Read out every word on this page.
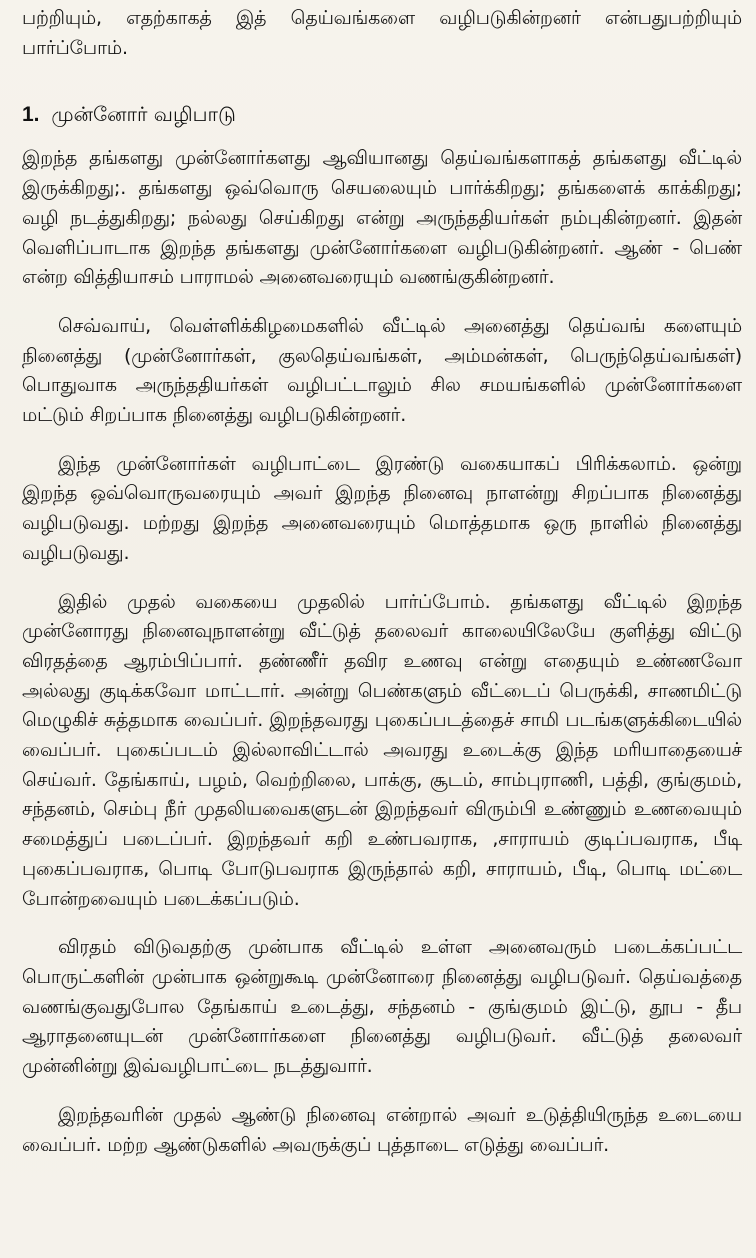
பற்றியும், எதற்காகத் இத் தெய்வங்களை வழிபடுகின்றனர் என்பதுபற்றியும் பார்ப்போம்.

1. முன்னோர் வழிபாடு

இறந்த தங்களது முன்னோர்களது ஆவியானது தெய்வங்களாகத் தங்களது வீட்டில் இருக்கிறது;. தங்களது ஒவ்வொரு செயலையும் பார்க்கிறது; தங்களைக் காக்கிறது; வழி நடத்துகிறது; நல்லது செய்கிறது என்று அருந்ததியர்கள் நம்புகின்றனர். இதன் வெளிப்பாடாக இறந்த தங்களது முன்னோர்களை வழிபடுகின்றனர். ஆண் - பெண் என்ற வித்தியாசம் பாராமல் அனைவரையும் வணங்குகின்றனர்.

செவ்வாய், வெள்ளிக்கிழமைகளில் வீட்டில் அனைத்து தெய்வங் களையும் நினைத்து (முன்னோர்கள், குலதெய்வங்கள், அம்மன்கள், பெருந்தெய்வங்கள்) பொதுவாக அருந்ததியர்கள் வழிபட்டாலும் சில சமயங்களில் முன்னோர்களை மட்டும் சிறப்பாக நினைத்து வழிபடுகின்றனர்.

இந்த முன்னோர்கள் வழிபாட்டை இரண்டு வகையாகப் பிரிக்கலாம். ஒன்று இறந்த ஒவ்வொருவரையும் அவர் இறந்த நினைவு நாளன்று சிறப்பாக நினைத்து வழிபடுவது. மற்றது இறந்த அனைவரையும் மொத்தமாக ஒரு நாளில் நினைத்து வழிபடுவது.

இதில் முதல் வகையை முதலில் பார்ப்போம். தங்களது வீட்டில் இறந்த முன்னோரது நினைவுநாளன்று வீட்டுத் தலைவர் காலையிலேயே குளித்து விட்டு விரதத்தை ஆரம்பிப்பார். தண்ணீர் தவிர உணவு என்று எதையும் உண்ணவோ அல்லது குடிக்கவோ மாட்டார். அன்று பெண்களும் வீட்டைப் பெருக்கி, சாணமிட்டு மெழுகிச் சுத்தமாக வைப்பர். இறந்தவரது புகைப்படத்தைச் சாமி படங்களுக்கிடையில் வைப்பர். புகைப்படம் இல்லாவிட்டால் அவரது உடைக்கு இந்த மரியாதையைச் செய்வர். தேங்காய், பழம், வெற்றிலை, பாக்கு, சூடம், சாம்புராணி, பத்தி, குங்குமம், சந்தனம், செம்பு நீர் முதலியவைகளுடன் இறந்தவர் விரும்பி உண்ணும் உணவையும் சமைத்துப் படைப்பர். இறந்தவர் கறி உண்பவராக, ,சாராயம் குடிப்பவராக, பீடி புகைப்பவராக, பொடி போடுபவராக இருந்தால் கறி, சாராயம், பீடி, பொடி மட்டை போன்றவையும் படைக்கப்படும்.

விரதம் விடுவதற்கு முன்பாக வீட்டில் உள்ள அனைவரும் படைக்கப்பட்ட பொருட்களின் முன்பாக ஒன்றுகூடி முன்னோரை நினைத்து வழிபடுவர். தெய்வத்தை வணங்குவதுபோல தேங்காய் உடைத்து, சந்தனம் - குங்குமம் இட்டு, தூப - தீப ஆராதனையுடன் முன்னோர்களை நினைத்து வழிபடுவர். வீட்டுத் தலைவர் முன்னின்று இவ்வழிபாட்டை நடத்துவார்.

இறந்தவரின் முதல் ஆண்டு நினைவு என்றால் அவர் உடுத்தியிருந்த உடையை வைப்பர். மற்ற ஆண்டுகளில் அவருக்குப் புத்தாடை எடுத்து வைப்பர்.
